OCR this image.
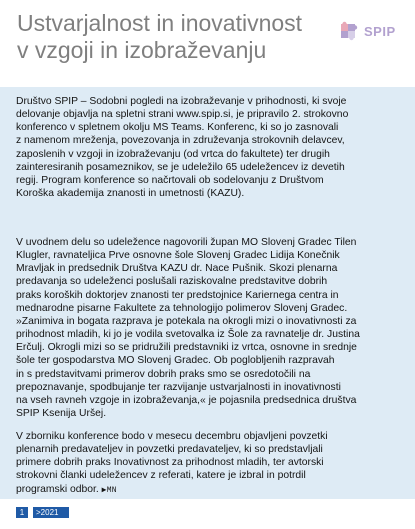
Ustvarjalnost in inovativnost
v vzgoji in izobraževanju
SPIP

Društvo SPIP – Sodobni pogledi na izobraževanje v prihodnosti, ki svoje
delovanje objavlja na spletni strani www.spip.si, je pripravilo 2. strokovno
konferenco v spletnem okolju MS Teams. Konferenc, ki so jo zasnovali
z namenom mreženja, povezovanja in združevanja strokovnih delavcev,
zaposlenih v vzgoji in izobraževanju (od vrtca do fakultete) ter drugih
zainteresiranih posameznikov, se je udeležilo 65 udeležencev iz devetih
regij. Program konference so načrtovali ob sodelovanju z Društvom
Koroška akademija znanosti in umetnosti (KAZU).

V uvodnem delu so udeležence nagovorili župan MO Slovenj Gradec Tilen
Klugler, ravnateljica Prve osnovne šole Slovenj Gradec Lidija Konečnik
Mravljak in predsednik Društva KAZU dr. Nace Pušnik. Skozi plenarna
predavanja so udeleženci poslušali raziskovalne predstavitve dobrih
praks koroških doktorjev znanosti ter predstojnice Kariernega centra in
mednarodne pisarne Fakultete za tehnologijo polimerov Slovenj Gradec.
»Zanimiva in bogata razprava je potekala na okrogli mizi o inovativnosti za
prihodnost mladih, ki jo je vodila svetovalka iz Šole za ravnatelje dr. Justina
Erčulj. Okrogli mizi so se pridružili predstavniki iz vrtca, osnovne in srednje
šole ter gospodarstva MO Slovenj Gradec. Ob poglobljenih razpravah
in s predstavitvami primerov dobrih praks smo se osredotočili na
prepoznavanje, spodbujanje ter razvijanje ustvarjalnosti in inovativnosti
na vseh ravneh vzgoje in izobraževanja,« je pojasnila predsednica društva
SPIP Ksenija Uršej.

V zborniku konference bodo v mesecu decembru objavljeni povzetki
plenarnih predavateljev in povzetki predavateljev, ki so predstavljali
primere dobrih praks Inovativnost za prihodnost mladih, ter avtorski
strokovni članki udeležencev z referati, katere je izbral in potrdil
programski odbor. ▶MN

1	>2021
